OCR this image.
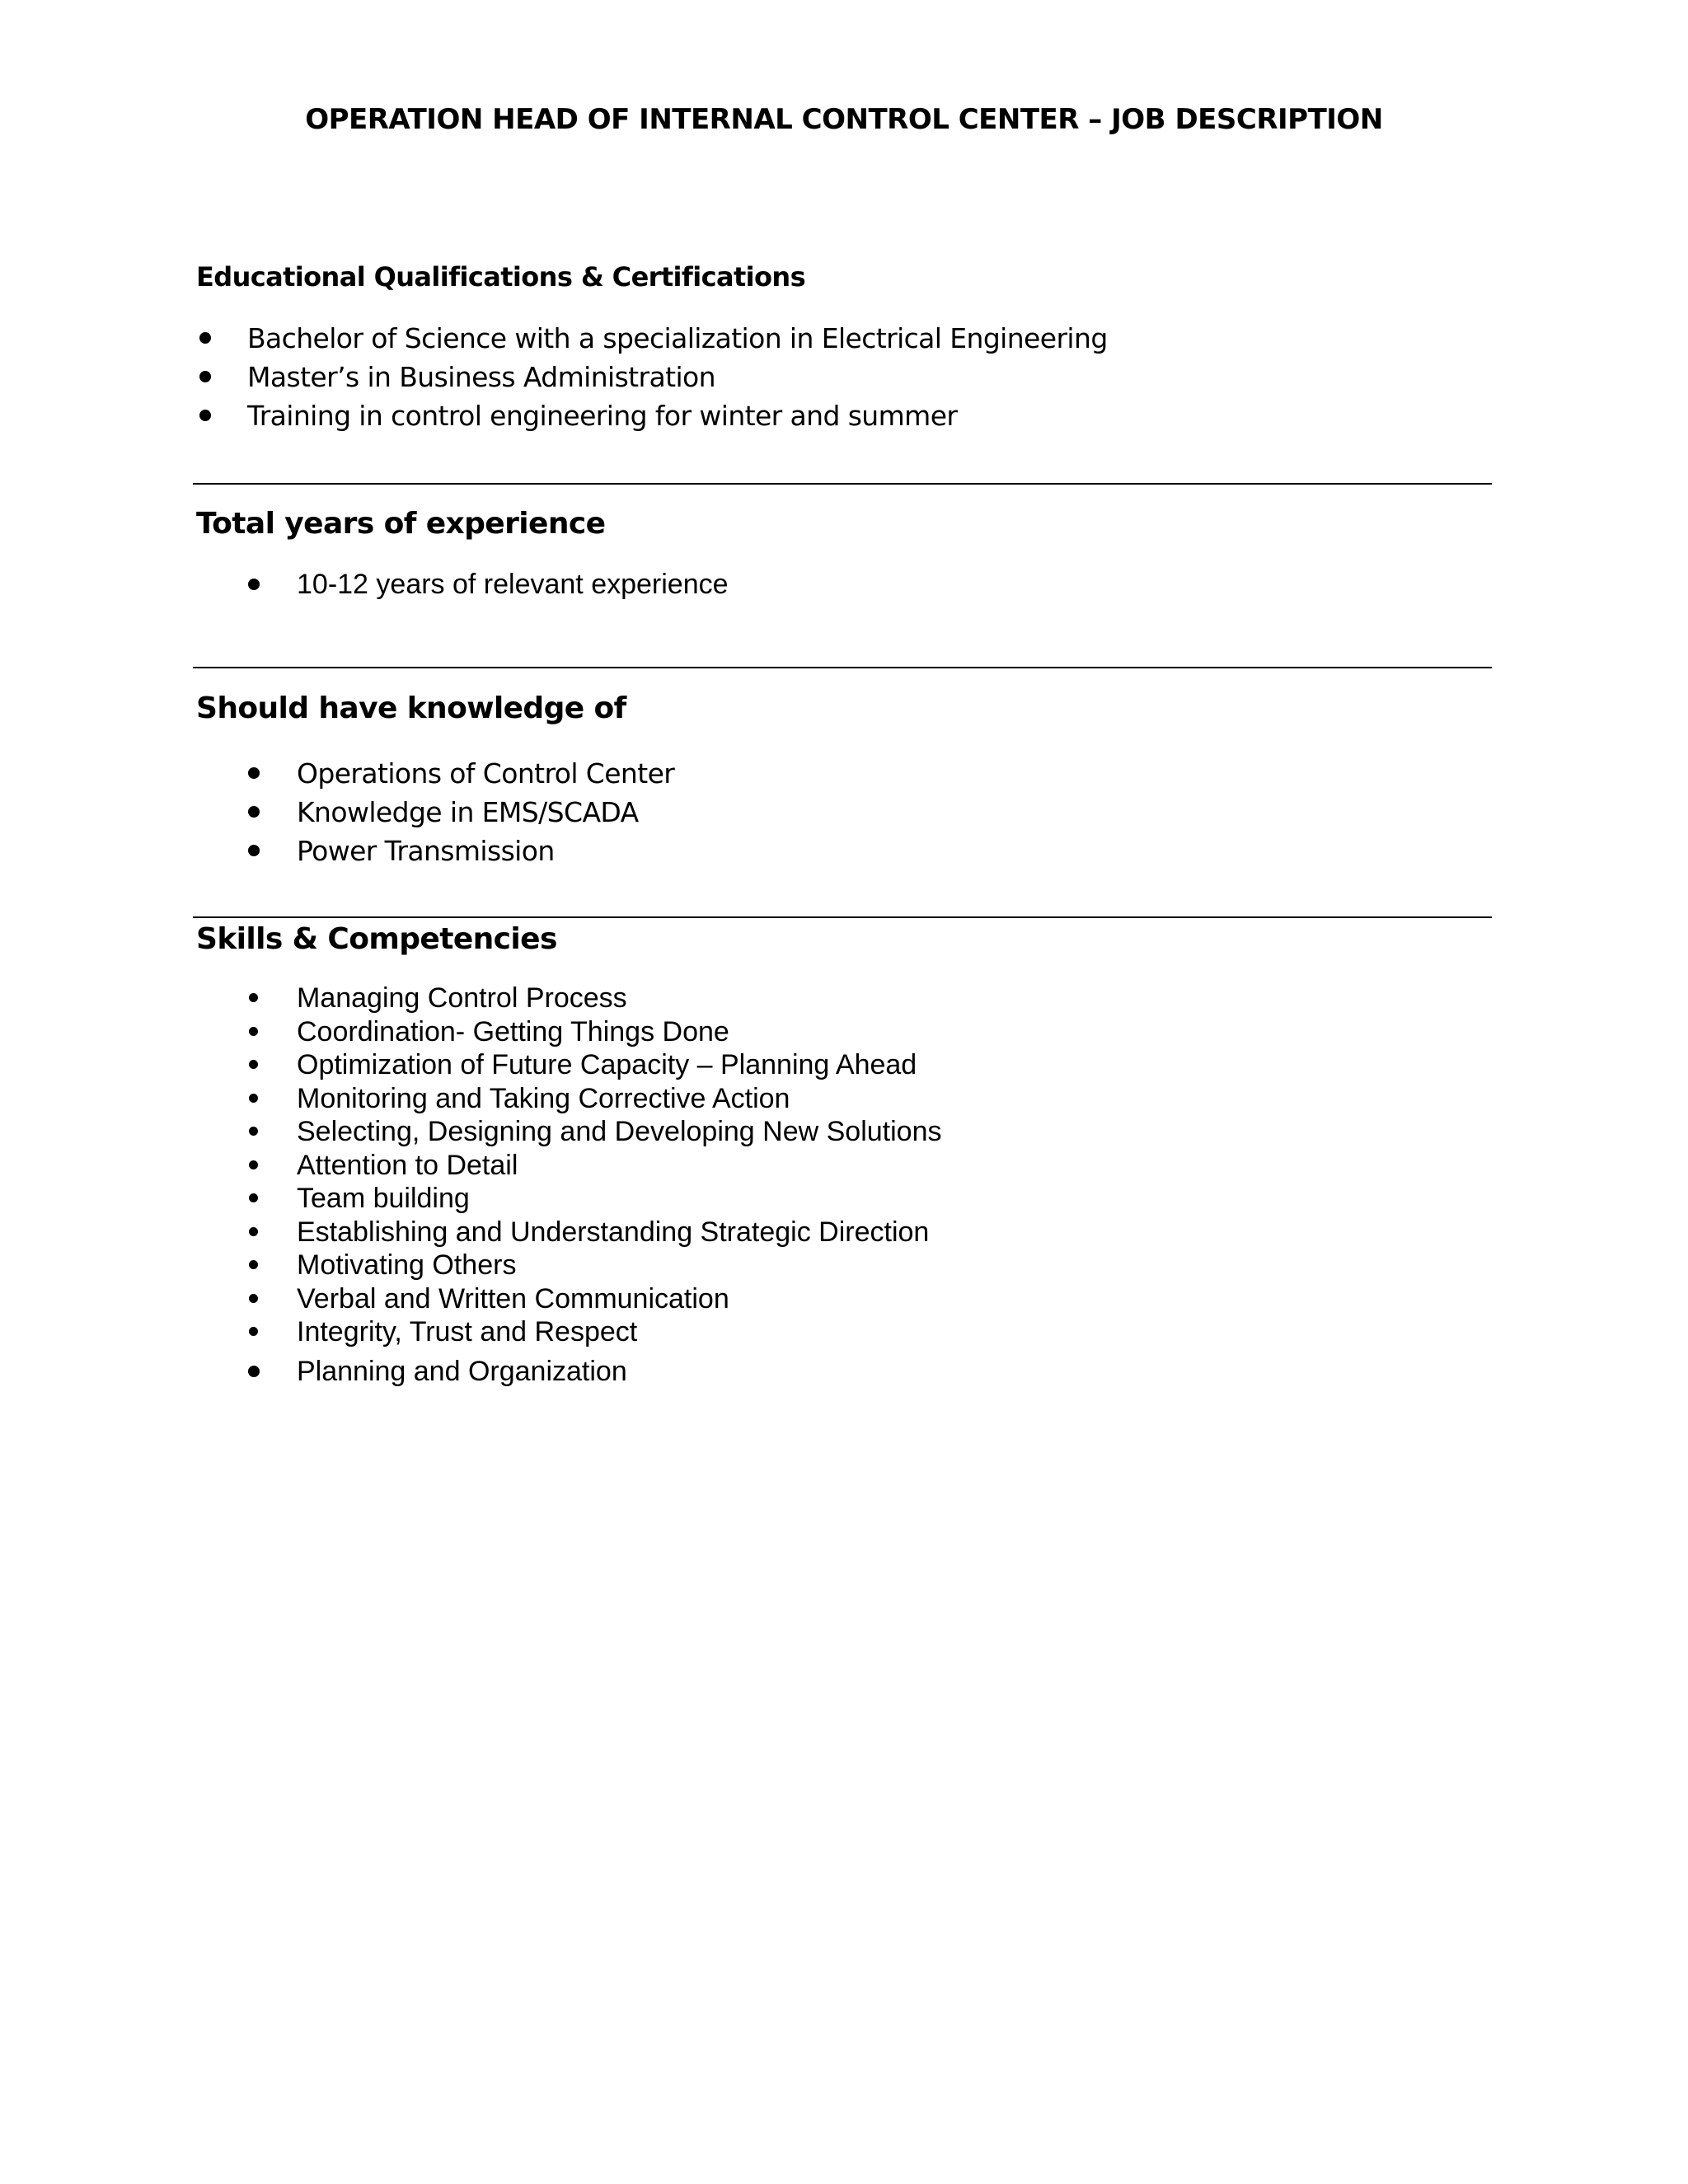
OPERATION HEAD OF INTERNAL CONTROL CENTER – JOB DESCRIPTION
Educational Qualifications & Certifications
Bachelor of Science with a specialization in Electrical Engineering
Master’s in Business Administration
Training in control engineering for winter and summer
Total years of experience
10-12 years of relevant experience
Should have knowledge of
Operations of Control Center
Knowledge in EMS/SCADA
Power Transmission
Skills & Competencies
Managing Control Process
Coordination- Getting Things Done
Optimization of Future Capacity – Planning Ahead
Monitoring and Taking Corrective Action
Selecting, Designing and Developing New Solutions
Attention to Detail
Team building
Establishing and Understanding Strategic Direction
Motivating Others
Verbal and Written Communication
Integrity, Trust and Respect
Planning and Organization
